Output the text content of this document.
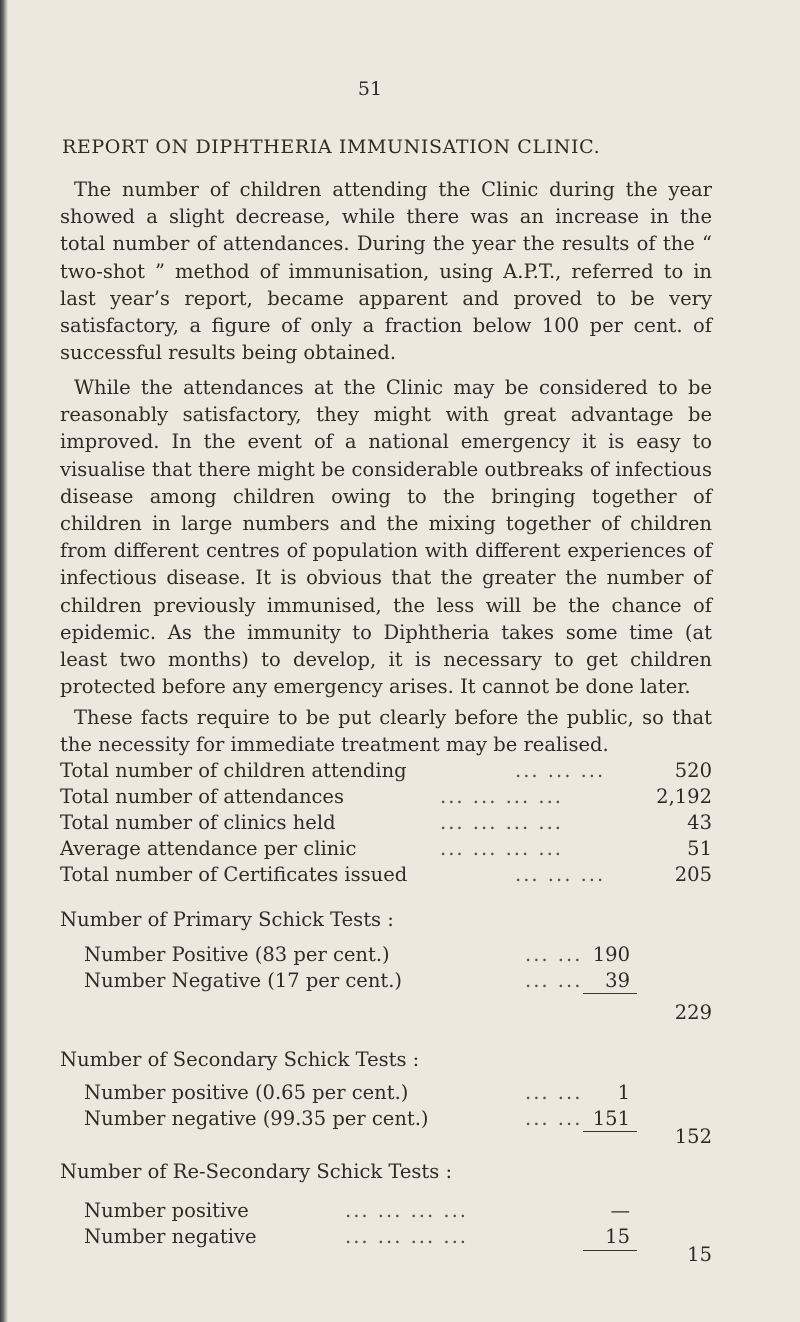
51
REPORT ON DIPHTHERIA IMMUNISATION CLINIC.

The number of children attending the Clinic during the year showed a slight decrease, while there was an increase in the total number of attendances. During the year the results of the “ two-shot ” method of immunisation, using A.P.T., referred to in last year’s report, became apparent and proved to be very satisfactory, a figure of only a fraction below 100 per cent. of successful results being obtained.

While the attendances at the Clinic may be considered to be reasonably satisfactory, they might with great advantage be improved. In the event of a national emergency it is easy to visualise that there might be considerable outbreaks of infectious disease among children owing to the bringing together of children in large numbers and the mixing together of children from different centres of population with different experiences of infectious disease. It is obvious that the greater the number of children previously immunised, the less will be the chance of epidemic. As the immunity to Diphtheria takes some time (at least two months) to develop, it is necessary to get children protected before any emergency arises. It cannot be done later.

These facts require to be put clearly before the public, so that the necessity for immediate treatment may be realised.

Total number of children attending	... ... ...	520
Total number of attendances	... ... ... ...	2,192
Total number of clinics held	... ... ... ...	43
Average attendance per clinic	... ... ... ...	51
Total number of Certificates issued	... ... ...	205
Number of Primary Schick Tests :
Number Positive (83 per cent.)	... ... 190
Number Negative (17 per cent.)	... ...	39
229
Number of Secondary Schick Tests :
Number positive (0.65 per cent.)	... ...	1
Number negative (99.35 per cent.)	... ... 151
152
Number of Re-Secondary Schick Tests :
Number positive	... ... ... ...	—
Number negative	... ... ... ...	15
15
